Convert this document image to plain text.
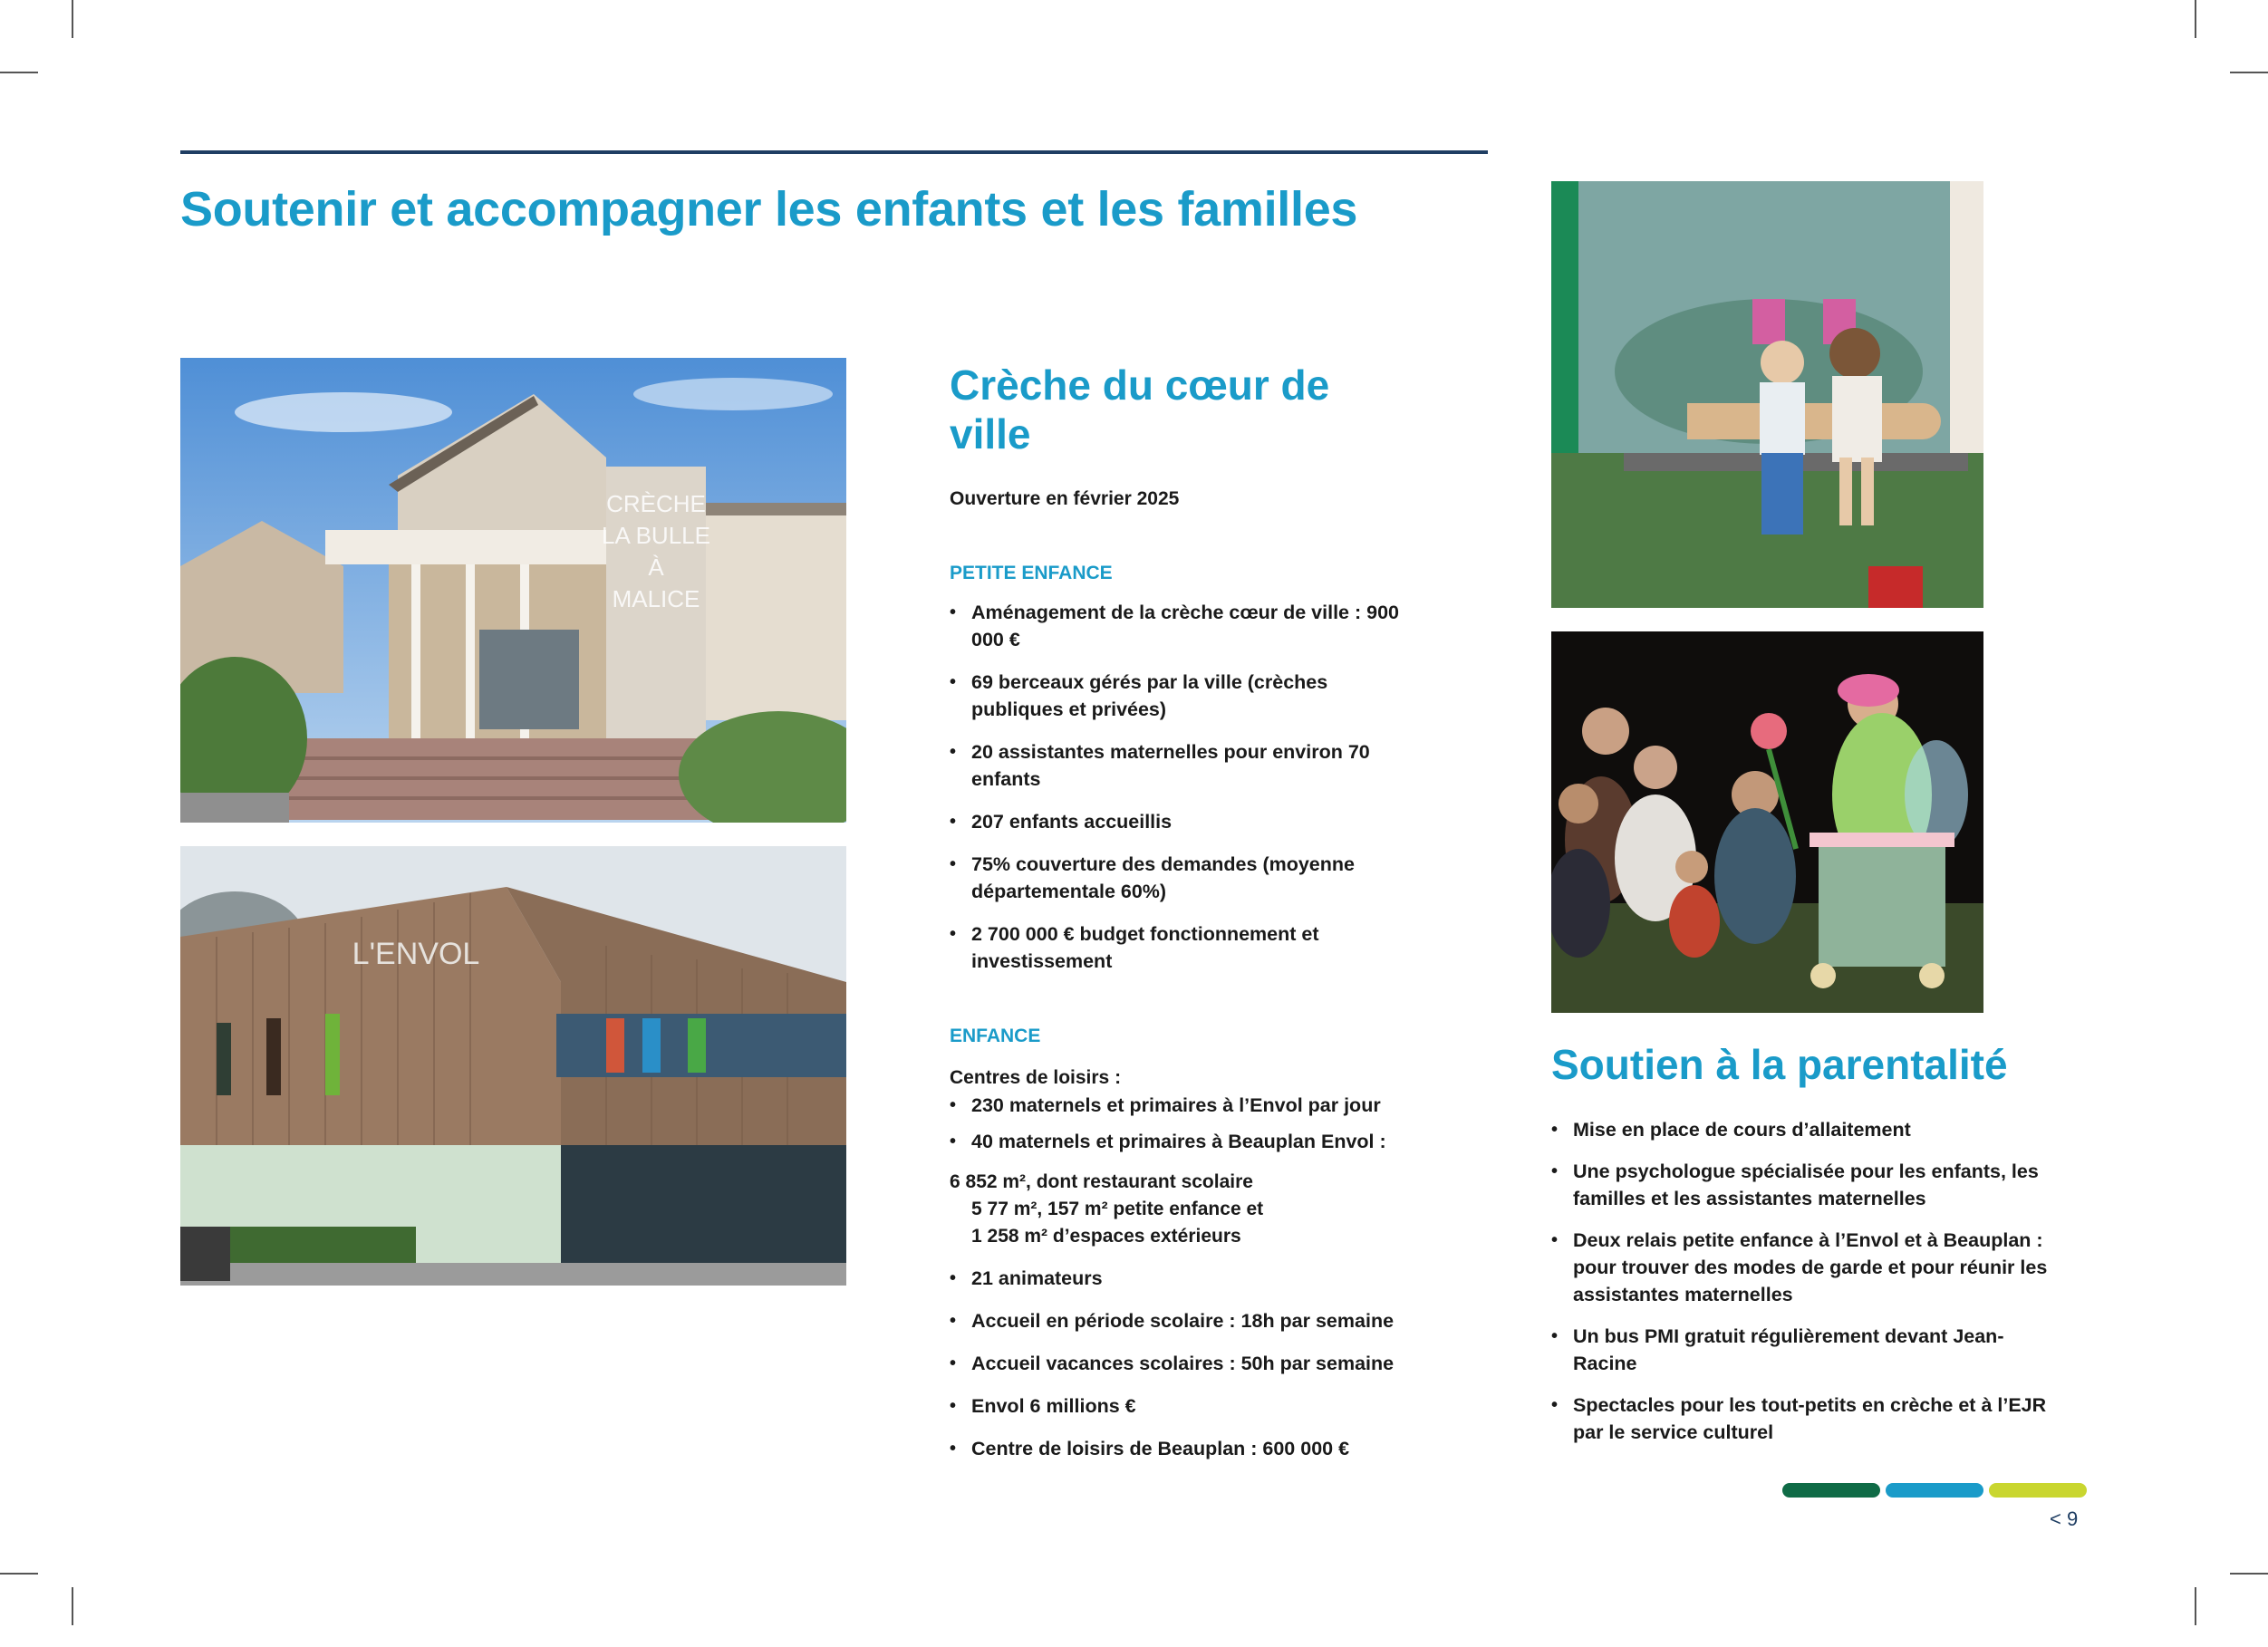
Soutenir et accompagner les enfants et les familles
CRÈCHE
LA BULLE
À
MALICE
L'ENVOL
Crèche du cœur de ville

Ouverture en février 2025

PETITE ENFANCE

• Aménagement de la crèche cœur de ville : 900 000 €
• 69 berceaux gérés par la ville (crèches publiques et privées)
• 20 assistantes maternelles pour environ 70 enfants
• 207 enfants accueillis
• 75% couverture des demandes (moyenne départementale 60%)
• 2 700 000 € budget fonctionnement et investissement

ENFANCE

Centres de loisirs :

• 230 maternels et primaires à l’Envol par jour
• 40 maternels et primaires à Beauplan Envol :

6 852 m², dont restaurant scolaire

5 77 m², 157 m² petite enfance et

1 258 m² d’espaces extérieurs

• 21 animateurs
• Accueil en période scolaire : 18h par semaine
• Accueil vacances scolaires : 50h par semaine
• Envol 6 millions €
• Centre de loisirs de Beauplan : 600 000 €
Soutien à la parentalité
• Mise en place de cours d’allaitement
• Une psychologue spécialisée pour les enfants, les familles et les assistantes maternelles
• Deux relais petite enfance à l’Envol et à Beauplan : pour trouver des modes de garde et pour réunir les assistantes maternelles
• Un bus PMI gratuit régulièrement devant Jean-Racine
• Spectacles pour les tout-petits en crèche et à l’EJR par le service culturel
< 9
